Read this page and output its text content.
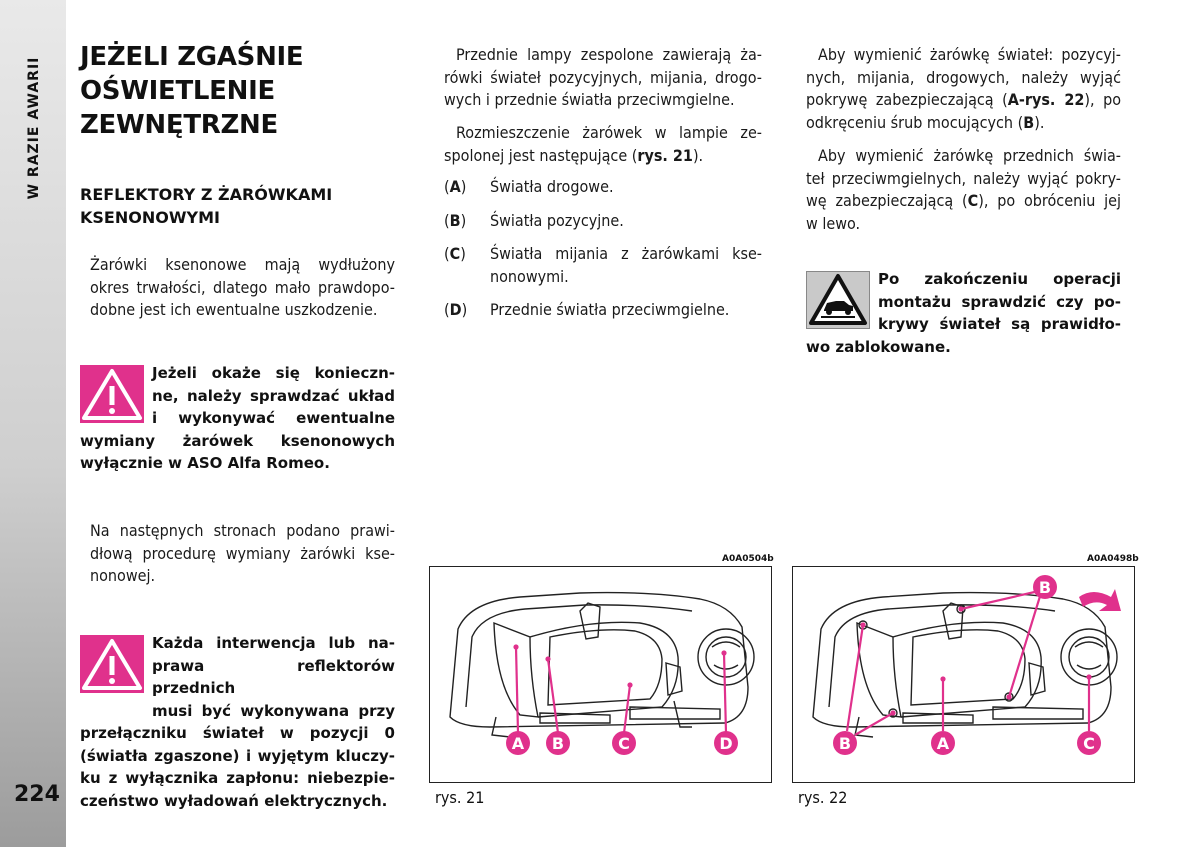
W RAZIE AWARII
224
JEŻELI ZGAŚNIE
OŚWIETLENIE
ZEWNĘTRZNE
REFLEKTORY Z ŻARÓWKAMI
KSENONOWYMI

Żarówki ksenonowe mają wydłużony
okres trwałości, dlatego mało prawdopo-
dobne jest ich ewentualne uszkodzenie.

Jeżeli okaże się konieczn-
ne, należy sprawdzać układ
i wykonywać ewentualne
wymiany żarówek ksenonowych
wyłącznie w ASO Alfa Romeo.

Na następnych stronach podano prawi-
dłową procedurę wymiany żarówki kse-
nonowej.

Każda interwencja lub na-
prawa reflektorów przednich
musi być wykonywana przy
przełączniku świateł w pozycji 0
(światła zgaszone) i wyjętym kluczy-
ku z wyłącznika zapłonu: niebezpie-
czeństwo wyładowań elektrycznych.

Przednie lampy zespolone zawierają ża-
rówki świateł pozycyjnych, mijania, drogo-
wych i przednie światła przeciwmgielne.

Rozmieszczenie żarówek w lampie ze-
spolonej jest następujące (rys. 21).

(A) Światła drogowe.
(B) Światła pozycyjne.
(C) Światła mijania z żarówkami kse-
nonowymi.
(D) Przednie światła przeciwmgielne.

Aby wymienić żarówkę świateł: pozycyj-
nych, mijania, drogowych, należy wyjąć
pokrywę zabezpieczającą (A-rys. 22), po
odkręceniu śrub mocujących (B).

Aby wymienić żarówkę przednich świa-
teł przeciwmgielnych, należy wyjąć pokry-
wę zabezpieczającą (C), po obróceniu jej
w lewo.

Po zakończeniu operacji
montażu sprawdzić czy po-
krywy świateł są prawidło-
wo zablokowane.
A0A0504b
A B	C	D
rys. 21
A0A0498b
B
B	A	C
rys. 22
